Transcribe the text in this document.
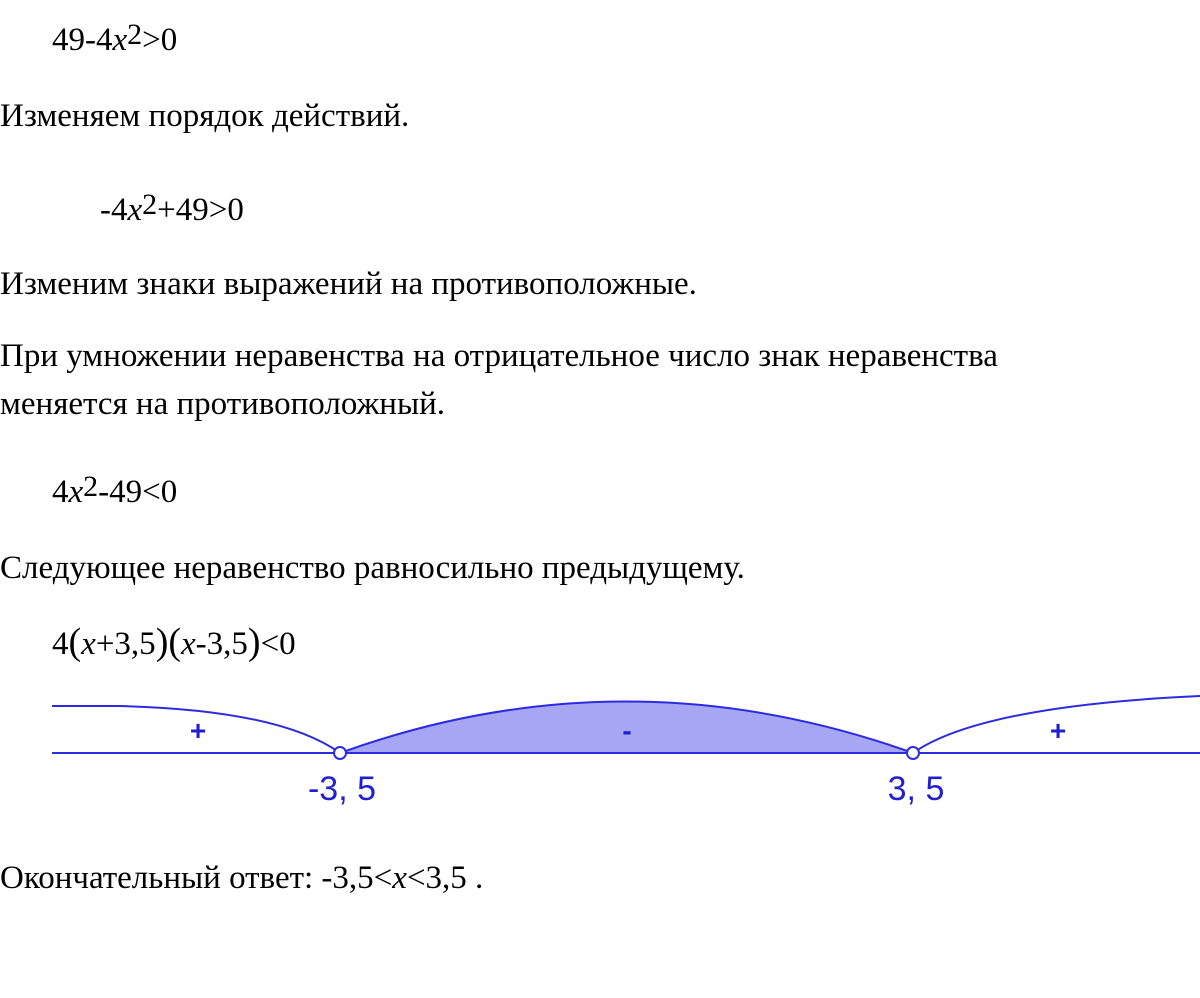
$49-4x^2>0$
Изменяем порядок действий.
$-4x^2+49>0$
Изменим знаки выражений на противоположные.
При умножении неравенства на отрицательное число знак неравенства
меняется на противоположный.
$4x^2-49<0$
Следующее неравенство равносильно предыдущему.
4(x+3,5)(x-3,5)<0
+	-	+
-3, 5	3, 5
Окончательный ответ: -3,5<x<3,5 .
